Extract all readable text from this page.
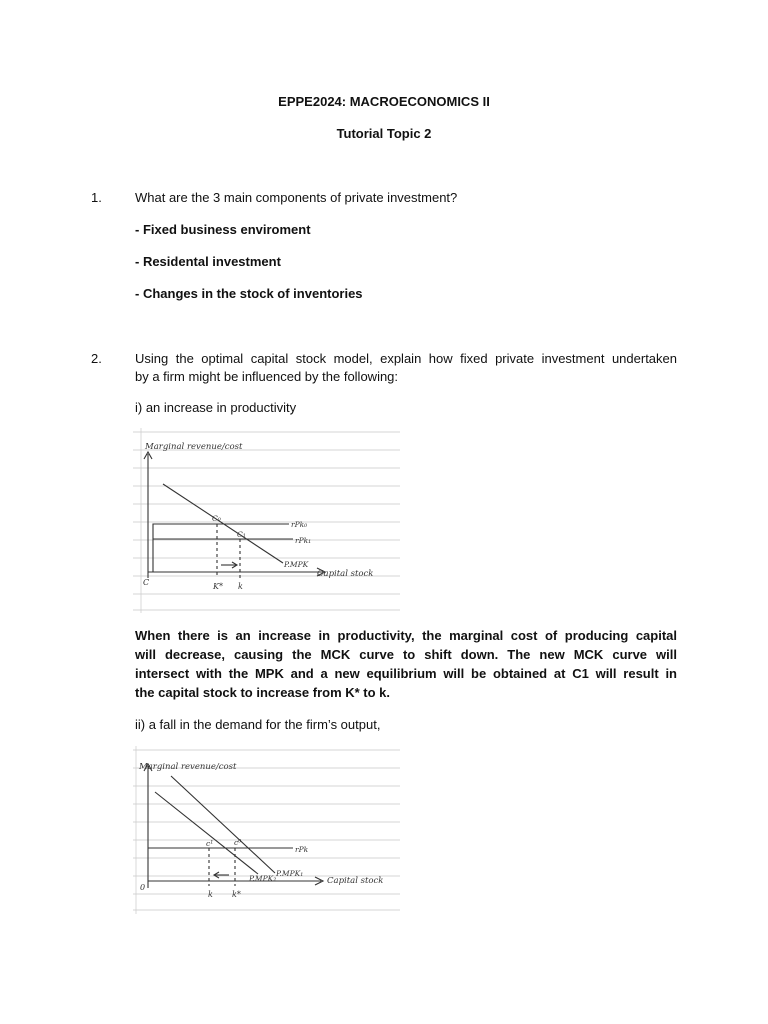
EPPE2024: MACROECONOMICS II
Tutorial Topic 2
1.	What are the 3 main components of private investment?
- Fixed business enviroment
- Residental investment
- Changes in the stock of inventories
2.	Using the optimal capital stock model, explain how fixed private investment undertaken
by a firm might be influenced by the following:
i) an increase in productivity
Marginal revenue/cost
Capital stock
C
P.MPK
rPk₀
rPk₁
C₀
C₁
K* k
When there is an increase in productivity, the marginal cost of producing capital
will decrease, causing the MCK curve to shift down. The new MCK curve will
intersect with the MPK and a new equilibrium will be obtained at C1 will result in
the capital stock to increase from K* to k.
ii) a fall in the demand for the firm’s output,
Marginal revenue/cost
Capital stock
0
P.MPK₁
P.MPK₂
rPk
c⁰
c¹
k k*
